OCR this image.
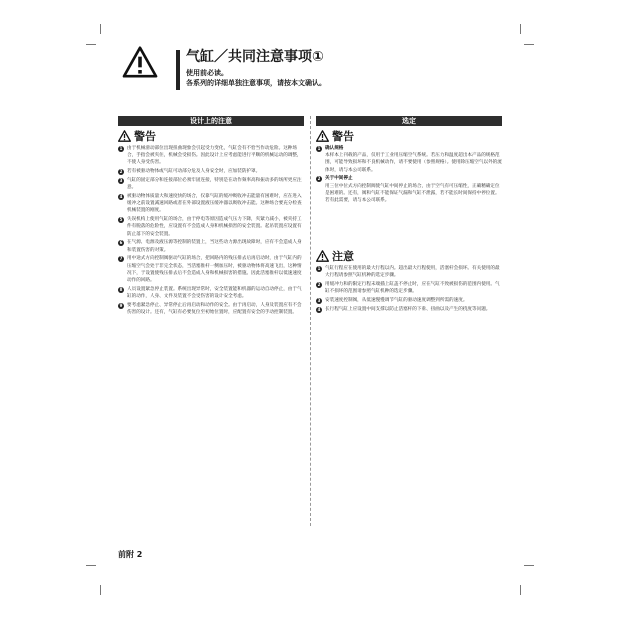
气缸／共同注意事项①
使用前必读。
各系列的详细单独注意事项，请按本文确认。
设计上的注意	选定
警告
1	由于机械滑动部位出现扭曲现象会引起受力变化，气缸会有不恰当作动危险。这种场合，手指会被夹住，机械会受损伤。因此设计上应考虑能进行平顺的机械运动的调整，不使人身受伤害。
2	若有被驱动物体或气缸可动部分危及人身安全时，应加装防护罩。
3	气缸的固定部分和连接部位必须牢固连接，特别是在动作频率高和振动多的场所更应注意。
4	被驱动物体质量大和速度快的场合，仅靠气缸的缓冲吸收冲击能量有困难时，应在进入缓冲之前设置减速回路或者在外部设置液压缓冲器以吸收冲击能。这种场合要充分检查机械装置的刚度。
5	失误机构上使用气缸的场合，由于停电等原因造成气压力下降，夹紧力减小，被夹持工件有脱落的危险性，应设置有不会造成人身和机械损害的安全装置。起吊装置应设置有防止落下的安全装置。
6	在气源、电源及液压源等控制的装置上，当这些动力源出现故障时，应有不会造成人身和装置伤害的对策。
7	用中途式方向控制阀驱动气缸的场合，把回路内的残压排去后再启动时，由于气缸内的压缩空气会处于非完全状态，当活塞推杆一侧加压时，被驱动物体将高速飞出，这种情况下，于设置使残压排去后不会造成人身和机械损害的措施。因此活塞推杆以低速速度动作的回路。
8	人员设置紧急停止装置。系统出现异常时，安全装置能和机器的运动自动停止，由于气缸的动作，人身、文件及装置不会受伤害的设计安全考虑。
9	要考虑紧急停止、异常停止后再启动和动作的安全。由于再启动，人身及装置应有不会伤害的设计。还有，气缸有必要复位至初始位置时，应配置有安全的手动控制装置。
警告
1	确认规格
本样本上刊载的产品，仅用于工业用压缩空气系统。若压力和温度超出本产品的规格范围，可能导致损坏和不良机械动作，请不要使用（参照规格）。使用除压缩空气以外的流体时，请与本公司联系。
2	关于中间停止
用三位中位式方向控制阀使气缸中间停止的场合，由于空气有可压缩性，正确精确定位是困难的。还有，阀和气缸不能保证气漏和气缸不泄露，若不能长时间保持中停位置。若有此需要，请与本公司联系。
注意
1	气缸行程应在使用的最大行程以内。超出最大行程使用，活塞杆会损坏。有关使用的最大行程请参照气缸机种的选定步骤。
2	用缓冲力和的限定行程末端插上缸盖不停止时，应在气缸不致被损伤的范围内使用。气缸不损坏的范围请参照气缸机种的选定步骤。
3	安装速度控制阀，从低速慢慢调节气缸的驱动速度调整到所需的速度。
4	长行程气缸上应设置中间支撑以防止活塞杆的下垂、扭曲以及产生的挠度等问题。
前附 2
